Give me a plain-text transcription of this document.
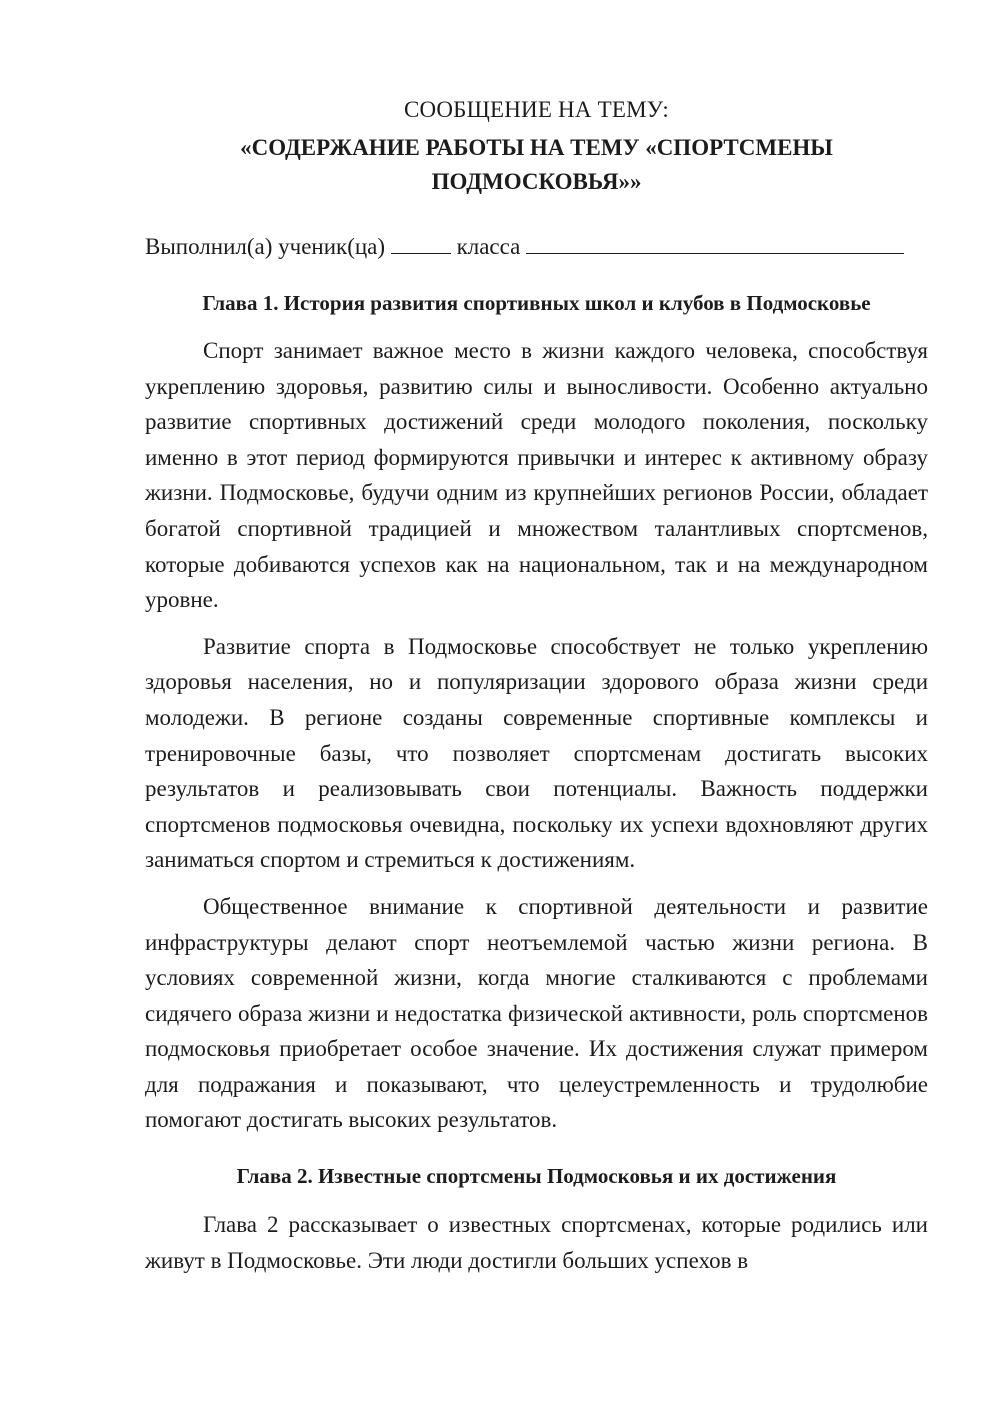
СООБЩЕНИЕ НА ТЕМУ:
«СОДЕРЖАНИЕ РАБОТЫ НА ТЕМУ «СПОРТСМЕНЫ ПОДМОСКОВЬЯ»»
Выполнил(а) ученик(ца)	класса
Глава 1. История развития спортивных школ и клубов в Подмосковье

Спорт занимает важное место в жизни каждого человека, способствуя укреплению здоровья, развитию силы и выносливости. Особенно актуально развитие спортивных достижений среди молодого поколения, поскольку именно в этот период формируются привычки и интерес к активному образу жизни. Подмосковье, будучи одним из крупнейших регионов России, обладает богатой спортивной традицией и множеством талантливых спортсменов, которые добиваются успехов как на национальном, так и на международном уровне.

Развитие спорта в Подмосковье способствует не только укреплению здоровья населения, но и популяризации здорового образа жизни среди молодежи. В регионе созданы современные спортивные комплексы и тренировочные базы, что позволяет спортсменам достигать высоких результатов и реализовывать свои потенциалы. Важность поддержки спортсменов подмосковья очевидна, поскольку их успехи вдохновляют других заниматься спортом и стремиться к достижениям.

Общественное внимание к спортивной деятельности и развитие инфраструктуры делают спорт неотъемлемой частью жизни региона. В условиях современной жизни, когда многие сталкиваются с проблемами сидячего образа жизни и недостатка физической активности, роль спортсменов подмосковья приобретает особое значение. Их достижения служат примером для подражания и показывают, что целеустремленность и трудолюбие помогают достигать высоких результатов.

Глава 2. Известные спортсмены Подмосковья и их достижения

Глава 2 рассказывает о известных спортсменах, которые родились или живут в Подмосковье. Эти люди достигли больших успехов в
